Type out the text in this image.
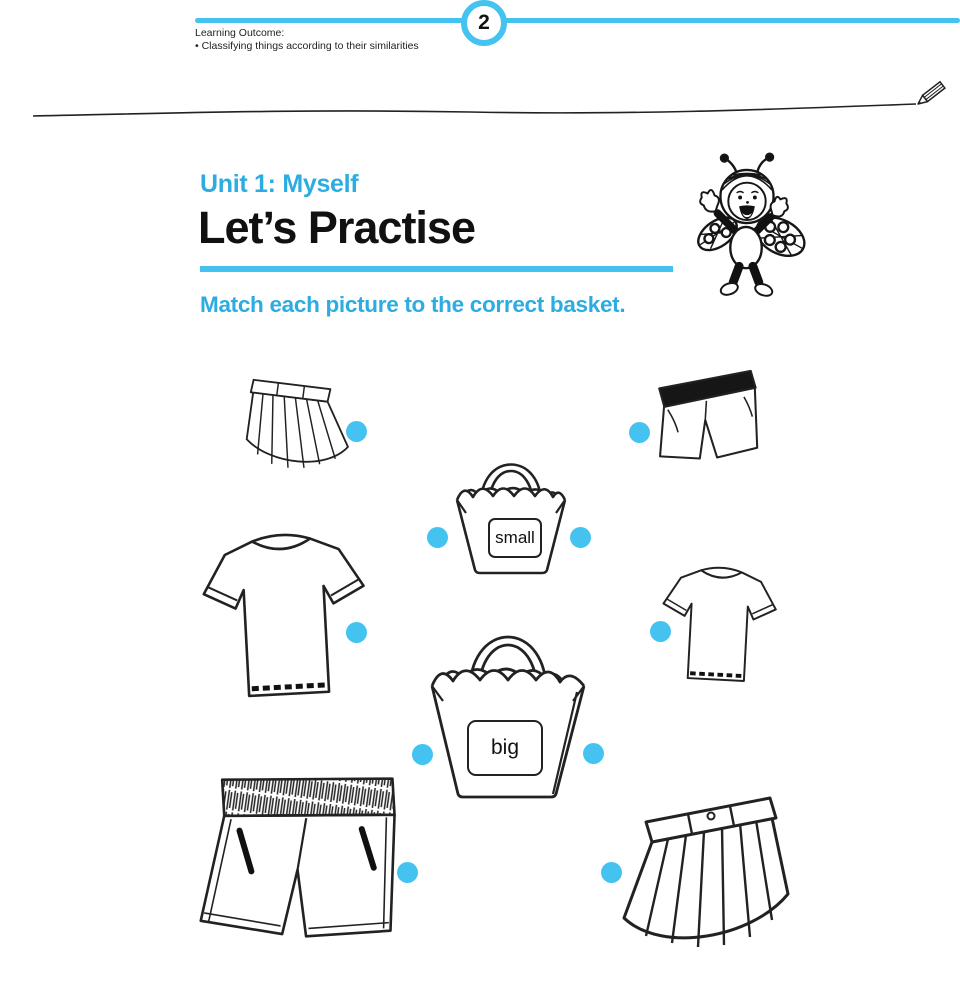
2
Learning Outcome:
• Classifying things according to their similarities
Unit 1: Myself
Let’s Practise

Match each picture to the correct basket.

small
big
